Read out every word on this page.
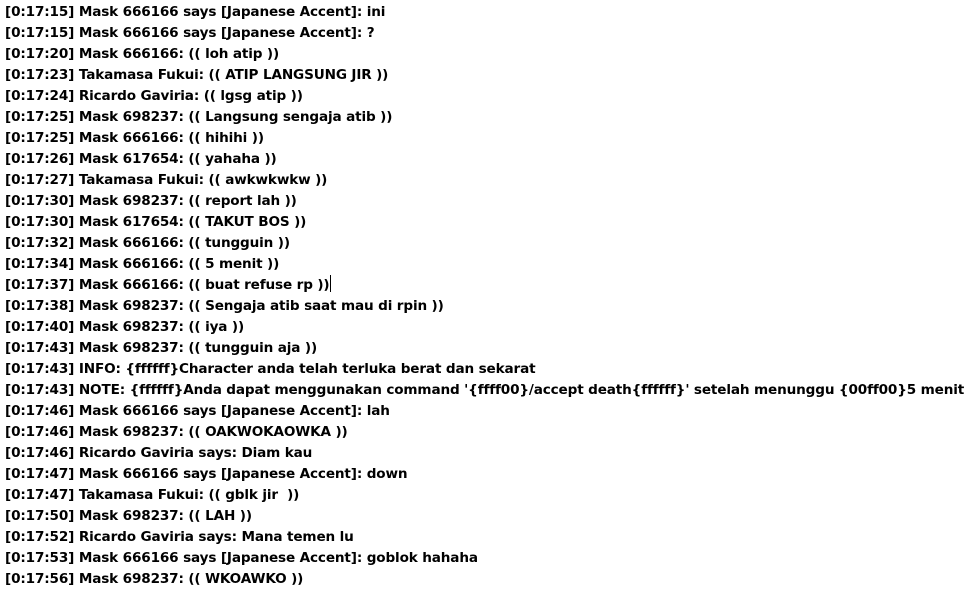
[0:17:15] Mask 666166 says [Japanese Accent]: ini
[0:17:15] Mask 666166 says [Japanese Accent]: ?
[0:17:20] Mask 666166: (( loh atip ))
[0:17:23] Takamasa Fukui: (( ATIP LANGSUNG JIR ))
[0:17:24] Ricardo Gaviria: (( lgsg atip ))
[0:17:25] Mask 698237: (( Langsung sengaja atib ))
[0:17:25] Mask 666166: (( hihihi ))
[0:17:26] Mask 617654: (( yahaha ))
[0:17:27] Takamasa Fukui: (( awkwkwkw ))
[0:17:30] Mask 698237: (( report lah ))
[0:17:30] Mask 617654: (( TAKUT BOS ))
[0:17:32] Mask 666166: (( tungguin ))
[0:17:34] Mask 666166: (( 5 menit ))
[0:17:37] Mask 666166: (( buat refuse rp ))
[0:17:38] Mask 698237: (( Sengaja atib saat mau di rpin ))
[0:17:40] Mask 698237: (( iya ))
[0:17:43] Mask 698237: (( tungguin aja ))
[0:17:43] INFO: {ffffff}Character anda telah terluka berat dan sekarat
[0:17:43] NOTE: {ffffff}Anda dapat menggunakan command '{ffff00}/accept death{ffffff}' setelah menunggu {00ff00}5 menit
[0:17:46] Mask 666166 says [Japanese Accent]: lah
[0:17:46] Mask 698237: (( OAKWOKAOWKA ))
[0:17:46] Ricardo Gaviria says: Diam kau
[0:17:47] Mask 666166 says [Japanese Accent]: down
[0:17:47] Takamasa Fukui: (( gblk jir  ))
[0:17:50] Mask 698237: (( LAH ))
[0:17:52] Ricardo Gaviria says: Mana temen lu
[0:17:53] Mask 666166 says [Japanese Accent]: goblok hahaha
[0:17:56] Mask 698237: (( WKOAWKO ))
